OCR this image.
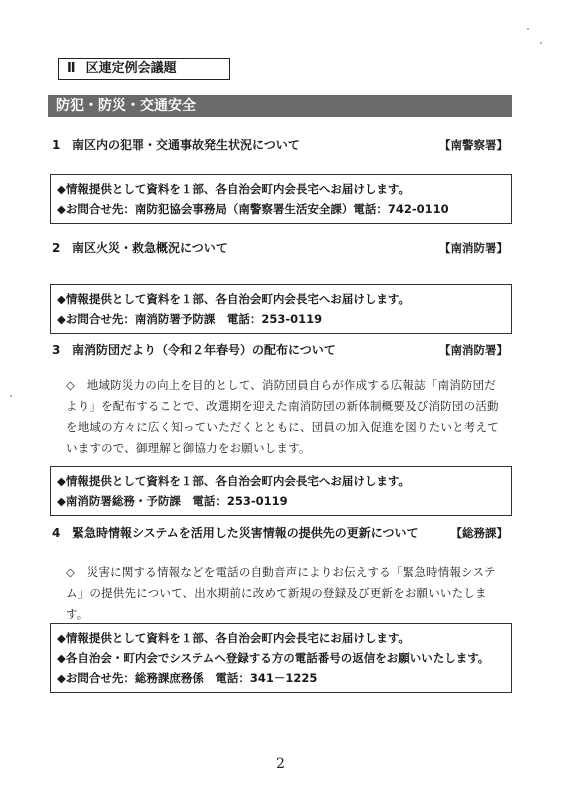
Ⅱ 区連定例会議題
防犯・防災・交通安全
1 南区内の犯罪・交通事故発生状況について	【南警察署】
◆情報提供として資料を１部、各自治会町内会長宅へお届けします。
◆お問合せ先：南防犯協会事務局（南警察署生活安全課）電話：742-0110
2 南区火災・救急概況について	【南消防署】
◆情報提供として資料を１部、各自治会町内会長宅へお届けします。
◆お問合せ先：南消防署予防課　電話：253-0119
3 南消防団だより（令和２年春号）の配布について	【南消防署】
◇　地域防災力の向上を目的として、消防団員自らが作成する広報誌「南消防団だより」を配布することで、改選期を迎えた南消防団の新体制概要及び消防団の活動を地域の方々に広く知っていただくとともに、団員の加入促進を図りたいと考えていますので、御理解と御協力をお願いします。
◆情報提供として資料を１部、各自治会町内会長宅へお届けします。
◆南消防署総務・予防課　電話：253-0119
4 緊急時情報システムを活用した災害情報の提供先の更新について	【総務課】
◇　災害に関する情報などを電話の自動音声によりお伝えする「緊急時情報システム」の提供先について、出水期前に改めて新規の登録及び更新をお願いいたします。
◆情報提供として資料を１部、各自治会町内会長宅にお届けします。
◆各自治会・町内会でシステムへ登録する方の電話番号の返信をお願いいたします。
◆お問合せ先：総務課庶務係　電話：341－1225
2
